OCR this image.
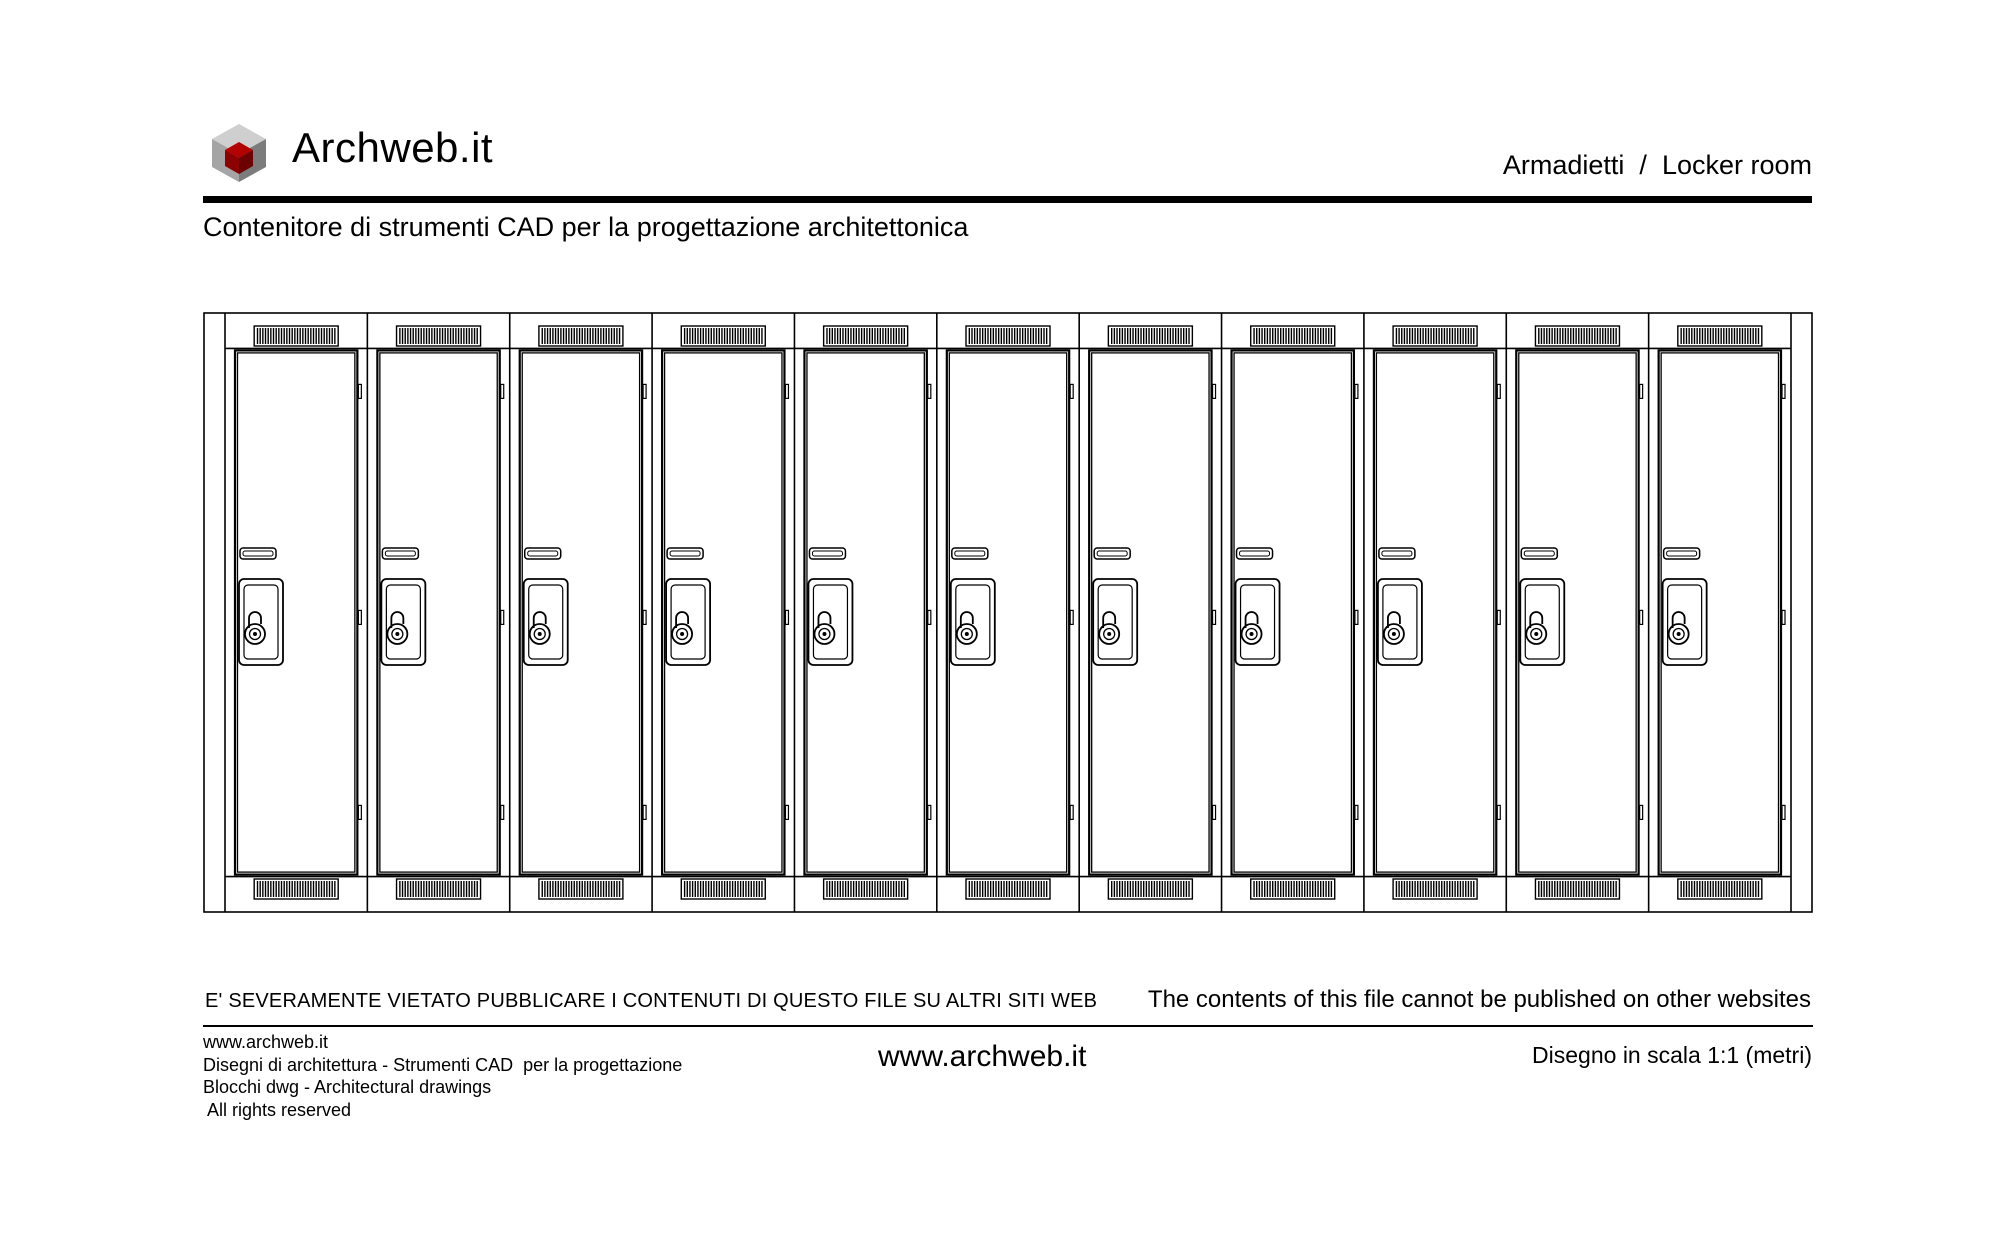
Archweb.it	Armadietti  /  Locker room
Contenitore di strumenti CAD per la progettazione architettonica
E' SEVERAMENTE VIETATO PUBBLICARE I CONTENUTI DI QUESTO FILE SU ALTRI SITI WEB The contents of this file cannot be published on other websites
www.archweb.it
Disegni di architettura - Strumenti CAD  per la progettazione
Blocchi dwg - Architectural drawings
All rights reserved
www.archweb.it	Disegno in scala 1:1 (metri)
